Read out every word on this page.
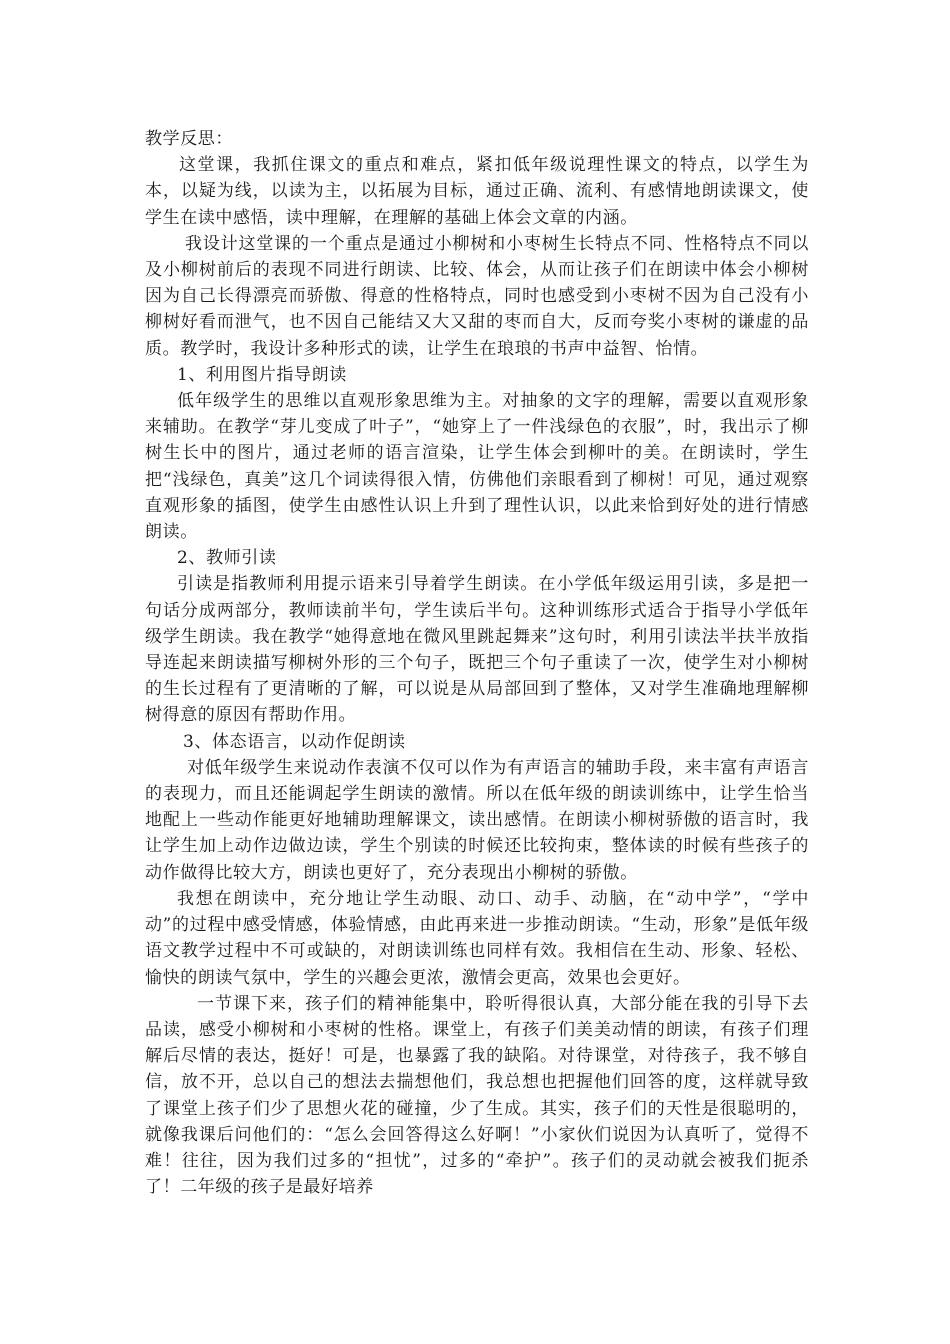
教学反思：

这堂课，我抓住课文的重点和难点，紧扣低年级说理性课文的特点，以学生为本，以疑为线，以读为主，以拓展为目标，通过正确、流利、有感情地朗读课文，使学生在读中感悟，读中理解，在理解的基础上体会文章的内涵。

我设计这堂课的一个重点是通过小柳树和小枣树生长特点不同、性格特点不同以及小柳树前后的表现不同进行朗读、比较、体会，从而让孩子们在朗读中体会小柳树因为自己长得漂亮而骄傲、得意的性格特点，同时也感受到小枣树不因为自己没有小柳树好看而泄气，也不因自己能结又大又甜的枣而自大，反而夸奖小枣树的谦虚的品质。教学时，我设计多种形式的读，让学生在琅琅的书声中益智、怡情。

1、利用图片指导朗读

低年级学生的思维以直观形象思维为主。对抽象的文字的理解，需要以直观形象来辅助。在教学“芽儿变成了叶子”，“她穿上了一件浅绿色的衣服”，时，我出示了柳树生长中的图片，通过老师的语言渲染，让学生体会到柳叶的美。在朗读时，学生把“浅绿色，真美”这几个词读得很入情，仿佛他们亲眼看到了柳树！可见，通过观察直观形象的插图，使学生由感性认识上升到了理性认识，以此来恰到好处的进行情感朗读。

2、教师引读

引读是指教师利用提示语来引导着学生朗读。在小学低年级运用引读，多是把一句话分成两部分，教师读前半句，学生读后半句。这种训练形式适合于指导小学低年级学生朗读。我在教学“她得意地在微风里跳起舞来”这句时，利用引读法半扶半放指导连起来朗读描写柳树外形的三个句子，既把三个句子重读了一次，使学生对小柳树的生长过程有了更清晰的了解，可以说是从局部回到了整体，又对学生准确地理解柳树得意的原因有帮助作用。

3、体态语言，以动作促朗读

对低年级学生来说动作表演不仅可以作为有声语言的辅助手段，来丰富有声语言的表现力，而且还能调起学生朗读的激情。所以在低年级的朗读训练中，让学生恰当地配上一些动作能更好地辅助理解课文，读出感情。在朗读小柳树骄傲的语言时，我让学生加上动作边做边读，学生个别读的时候还比较拘束，整体读的时候有些孩子的动作做得比较大方，朗读也更好了，充分表现出小柳树的骄傲。

我想在朗读中，充分地让学生动眼、动口、动手、动脑，在“动中学”，“学中动”的过程中感受情感，体验情感，由此再来进一步推动朗读。“生动，形象”是低年级语文教学过程中不可或缺的，对朗读训练也同样有效。我相信在生动、形象、轻松、愉快的朗读气氛中，学生的兴趣会更浓，激情会更高，效果也会更好。

一节课下来，孩子们的精神能集中，聆听得很认真，大部分能在我的引导下去品读，感受小柳树和小枣树的性格。课堂上，有孩子们美美动情的朗读，有孩子们理解后尽情的表达，挺好！可是，也暴露了我的缺陷。对待课堂，对待孩子，我不够自信，放不开，总以自己的想法去揣想他们，我总想也把握他们回答的度，这样就导致了课堂上孩子们少了思想火花的碰撞，少了生成。其实，孩子们的天性是很聪明的，就像我课后问他们的：“怎么会回答得这么好啊！”小家伙们说因为认真听了，觉得不难！往往，因为我们过多的“担忧”，过多的“牵护”。孩子们的灵动就会被我们扼杀了！二年级的孩子是最好培养
